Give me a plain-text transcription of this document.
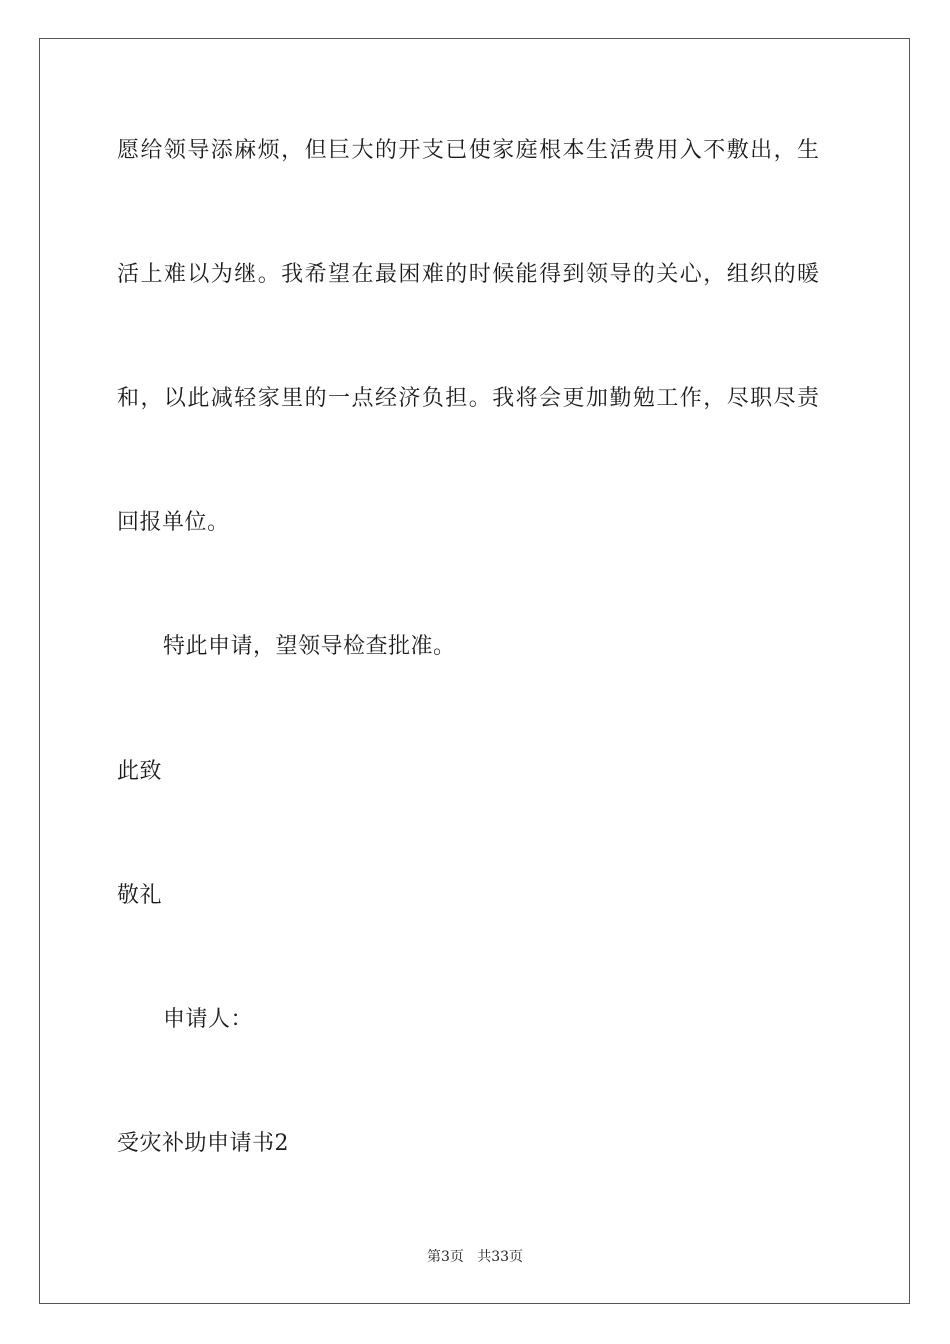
愿给领导添麻烦，但巨大的开支已使家庭根本生活费用入不敷出，生
活上难以为继。我希望在最困难的时候能得到领导的关心，组织的暖
和，以此减轻家里的一点经济负担。我将会更加勤勉工作，尽职尽责
回报单位。
特此申请，望领导检查批准。
此致
敬礼
申请人：
受灾补助申请书2
第3页   共33页
